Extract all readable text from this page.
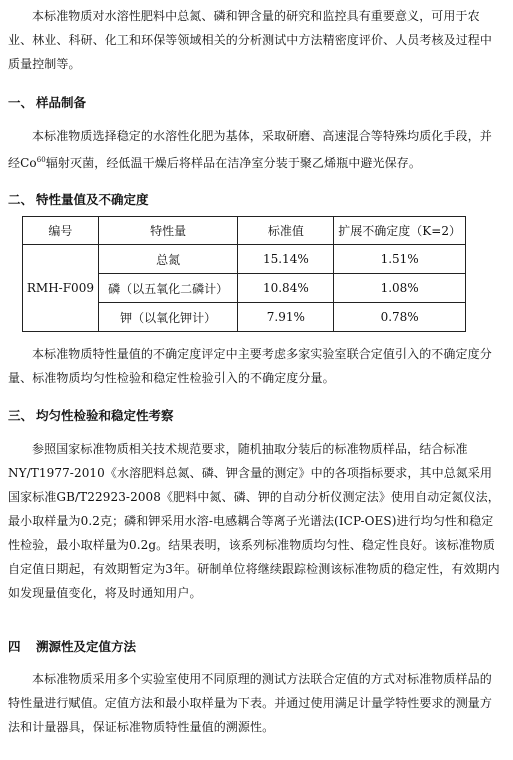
本标准物质对水溶性肥料中总氮、磷和钾含量的研究和监控具有重要意义，可用于农业、林业、科研、化工和环保等领域相关的分析测试中方法精密度评价、人员考核及过程中质量控制等。

一、 样品制备

本标准物质选择稳定的水溶性化肥为基体，采取研磨、高速混合等特殊均质化手段，并经Co$^{60}$辐射灭菌，经低温干燥后将样品在洁净室分装于聚乙烯瓶中避光保存。

二、 特性量值及不确定度
编号	特性量	标准值	扩展不确定度（K=2）
RMH-F009	总氮	15.14%	1.51%
	磷（以五氧化二磷计）	10.84%	1.08%
	钾（以氧化钾计）	7.91%	0.78%

本标准物质特性量值的不确定度评定中主要考虑多家实验室联合定值引入的不确定度分量、标准物质均匀性检验和稳定性检验引入的不确定度分量。

三、 均匀性检验和稳定性考察

参照国家标准物质相关技术规范要求，随机抽取分装后的标准物质样品，结合标准NY/T1977-2010《水溶肥料总氮、磷、钾含量的测定》中的各项指标要求，其中总氮采用国家标准GB/T22923-2008《肥料中氮、磷、钾的自动分析仪测定法》使用自动定氮仪法，最小取样量为0.2克；磷和钾采用水溶-电感耦合等离子光谱法(ICP-OES)进行均匀性和稳定性检验，最小取样量为0.2g。结果表明，该系列标准物质均匀性、稳定性良好。该标准物质自定值日期起，有效期暂定为3年。研制单位将继续跟踪检测该标准物质的稳定性，有效期内如发现量值变化，将及时通知用户。

四 溯源性及定值方法

本标准物质采用多个实验室使用不同原理的测试方法联合定值的方式对标准物质样品的特性量进行赋值。定值方法和最小取样量为下表。并通过使用满足计量学特性要求的测量方法和计量器具，保证标准物质特性量值的溯源性。
